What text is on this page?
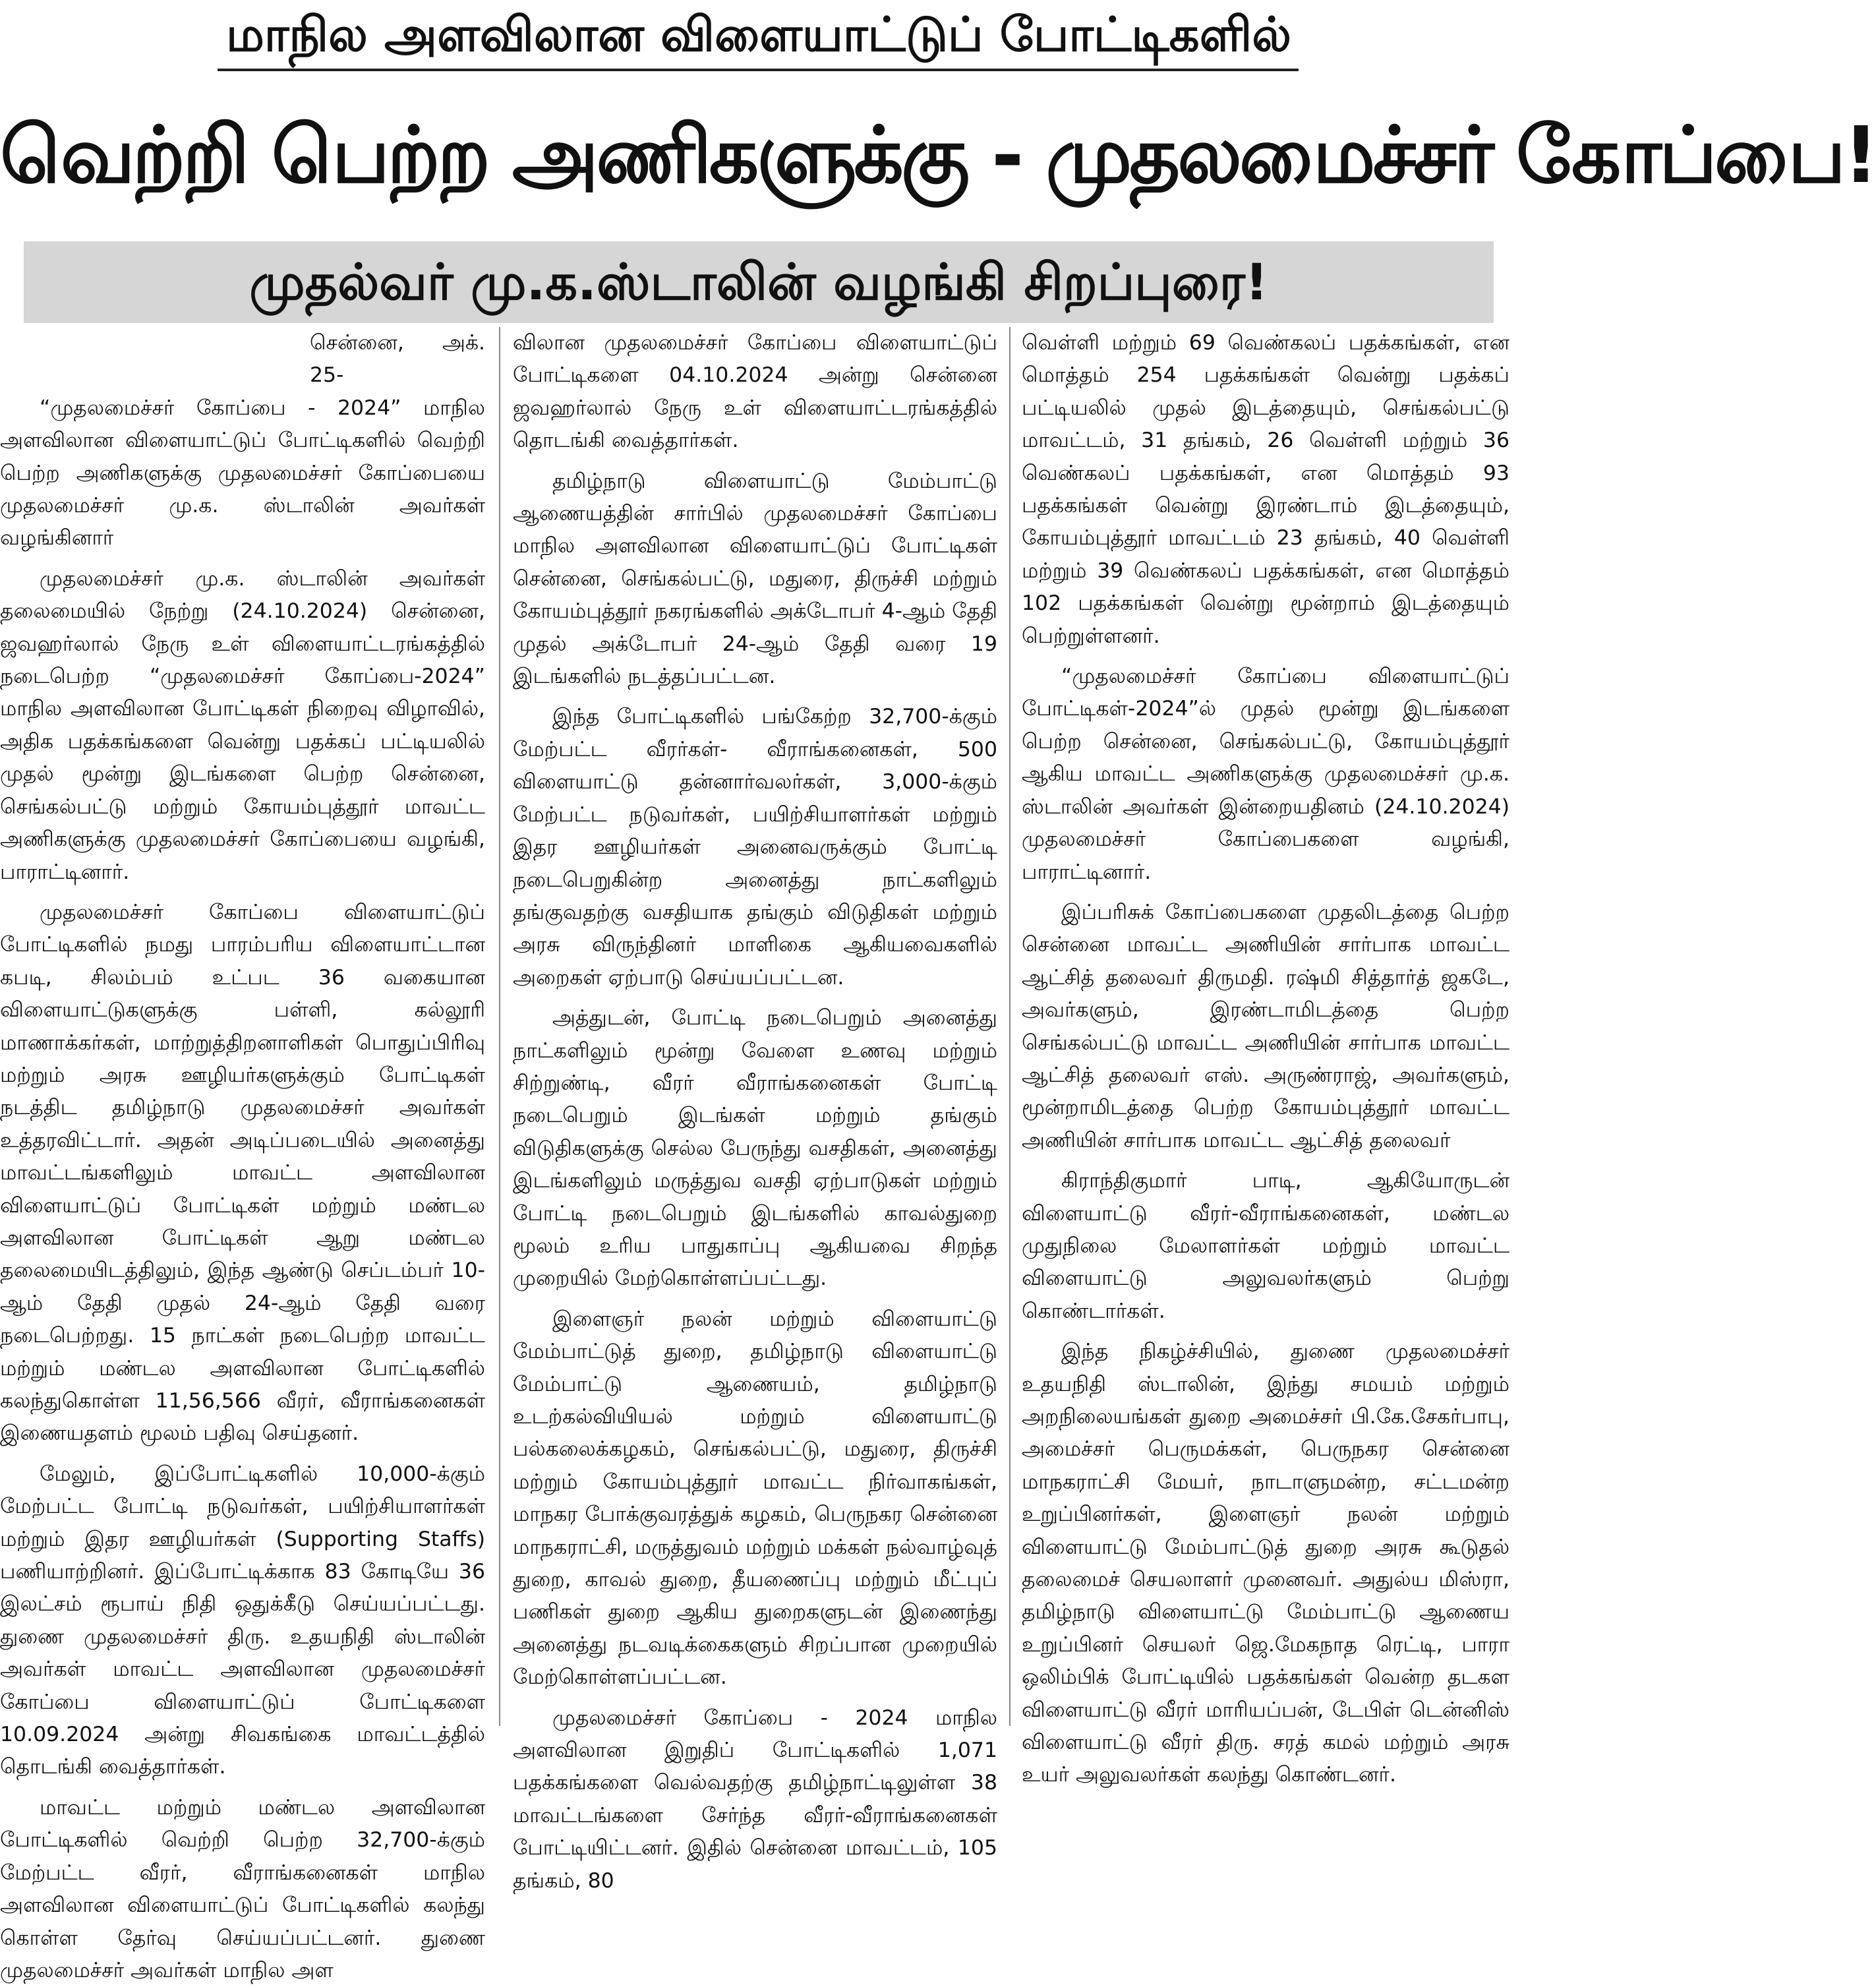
மாநில அளவிலான விளையாட்டுப் போட்டிகளில்
வெற்றி பெற்ற அணிகளுக்கு - முதலமைச்சர் கோப்பை!
முதல்வர் மு.க.ஸ்டாலின் வழங்கி சிறப்புரை!

சென்னை, அக். 25-

“முதலமைச்சர் கோப்பை - 2024” மாநில அளவிலான விளையாட்டுப் போட்டிகளில் வெற்றி பெற்ற அணிகளுக்கு முதலமைச்சர் கோப்பையை முதலமைச்சர் மு.க. ஸ்டாலின் அவர்கள் வழங்கினார்

முதலமைச்சர் மு.க. ஸ்டாலின் அவர்கள் தலைமையில் நேற்று (24.10.2024) சென்னை, ஜவஹர்லால் நேரு உள் விளையாட்டரங்கத்தில் நடைபெற்ற “முதலமைச்சர் கோப்பை-2024” மாநில அளவிலான போட்டிகள் நிறைவு விழாவில், அதிக பதக்கங்களை வென்று பதக்கப் பட்டியலில் முதல் மூன்று இடங்களை பெற்ற சென்னை, செங்கல்பட்டு மற்றும் கோயம்புத்தூர் மாவட்ட அணிகளுக்கு முதலமைச்சர் கோப்பையை வழங்கி, பாராட்டினார்.

முதலமைச்சர் கோப்பை விளையாட்டுப் போட்டிகளில் நமது பாரம்பரிய விளையாட்டான கபடி, சிலம்பம் உட்பட 36 வகையான விளையாட்டுகளுக்கு பள்ளி, கல்லூரி மாணாக்கர்கள், மாற்றுத்திறனாளிகள் பொதுப்பிரிவு மற்றும் அரசு ஊழியர்களுக்கும் போட்டிகள் நடத்திட தமிழ்நாடு முதலமைச்சர் அவர்கள் உத்தரவிட்டார். அதன் அடிப்படையில் அனைத்து மாவட்டங்களிலும் மாவட்ட அளவிலான விளையாட்டுப் போட்டிகள் மற்றும் மண்டல அளவிலான போட்டிகள் ஆறு மண்டல தலைமையிடத்திலும், இந்த ஆண்டு செப்டம்பர் 10-ஆம் தேதி முதல் 24-ஆம் தேதி வரை நடைபெற்றது. 15 நாட்கள் நடைபெற்ற மாவட்ட மற்றும் மண்டல அளவிலான போட்டிகளில் கலந்துகொள்ள 11,56,566 வீரர், வீராங்கனைகள் இணையதளம் மூலம் பதிவு செய்தனர்.

மேலும், இப்போட்டிகளில் 10,000-க்கும் மேற்பட்ட போட்டி நடுவர்கள், பயிற்சியாளர்கள் மற்றும் இதர ஊழியர்கள் (Supporting Staffs) பணியாற்றினர். இப்போட்டிக்காக 83 கோடியே 36 இலட்சம் ரூபாய் நிதி ஒதுக்கீடு செய்யப்பட்டது. துணை முதலமைச்சர் திரு. உதயநிதி ஸ்டாலின் அவர்கள் மாவட்ட அளவிலான முதலமைச்சர் கோப்பை விளையாட்டுப் போட்டிகளை 10.09.2024 அன்று சிவகங்கை மாவட்டத்தில் தொடங்கி வைத்தார்கள்.

மாவட்ட மற்றும் மண்டல அளவிலான போட்டிகளில் வெற்றி பெற்ற 32,700-க்கும் மேற்பட்ட வீரர், வீராங்கனைகள் மாநில அளவிலான விளையாட்டுப் போட்டிகளில் கலந்து கொள்ள தேர்வு செய்யப்பட்டனர். துணை முதலமைச்சர் அவர்கள் மாநில அள

விலான முதலமைச்சர் கோப்பை விளையாட்டுப் போட்டிகளை 04.10.2024 அன்று சென்னை ஜவஹர்லால் நேரு உள் விளையாட்டரங்கத்தில் தொடங்கி வைத்தார்கள்.

தமிழ்நாடு விளையாட்டு மேம்பாட்டு ஆணையத்தின் சார்பில் முதலமைச்சர் கோப்பை மாநில அளவிலான விளையாட்டுப் போட்டிகள் சென்னை, செங்கல்பட்டு, மதுரை, திருச்சி மற்றும் கோயம்புத்தூர் நகரங்களில் அக்டோபர் 4-ஆம் தேதி முதல் அக்டோபர் 24-ஆம் தேதி வரை 19 இடங்களில் நடத்தப்பட்டன.

இந்த போட்டிகளில் பங்கேற்ற 32,700-க்கும் மேற்பட்ட வீரர்கள்- வீராங்கனைகள், 500 விளையாட்டு தன்னார்வலர்கள், 3,000-க்கும் மேற்பட்ட நடுவர்கள், பயிற்சியாளர்கள் மற்றும் இதர ஊழியர்கள் அனைவருக்கும் போட்டி நடைபெறுகின்ற அனைத்து நாட்களிலும் தங்குவதற்கு வசதியாக தங்கும் விடுதிகள் மற்றும் அரசு விருந்தினர் மாளிகை ஆகியவைகளில் அறைகள் ஏற்பாடு செய்யப்பட்டன.

அத்துடன், போட்டி நடைபெறும் அனைத்து நாட்களிலும் மூன்று வேளை உணவு மற்றும் சிற்றுண்டி, வீரர் வீராங்கனைகள் போட்டி நடைபெறும் இடங்கள் மற்றும் தங்கும் விடுதிகளுக்கு செல்ல பேருந்து வசதிகள், அனைத்து இடங்களிலும் மருத்துவ வசதி ஏற்பாடுகள் மற்றும் போட்டி நடைபெறும் இடங்களில் காவல்துறை மூலம் உரிய பாதுகாப்பு ஆகியவை சிறந்த முறையில் மேற்கொள்ளப்பட்டது.

இளைஞர் நலன் மற்றும் விளையாட்டு மேம்பாட்டுத் துறை, தமிழ்நாடு விளையாட்டு மேம்பாட்டு ஆணையம், தமிழ்நாடு உடற்கல்வியியல் மற்றும் விளையாட்டு பல்கலைக்கழகம், செங்கல்பட்டு, மதுரை, திருச்சி மற்றும் கோயம்புத்தூர் மாவட்ட நிர்வாகங்கள், மாநகர போக்குவரத்துக் கழகம், பெருநகர சென்னை மாநகராட்சி, மருத்துவம் மற்றும் மக்கள் நல்வாழ்வுத் துறை, காவல் துறை, தீயணைப்பு மற்றும் மீட்புப் பணிகள் துறை ஆகிய துறைகளுடன் இணைந்து அனைத்து நடவடிக்கைகளும் சிறப்பான முறையில் மேற்கொள்ளப்பட்டன.

முதலமைச்சர் கோப்பை - 2024 மாநில அளவிலான இறுதிப் போட்டிகளில் 1,071 பதக்கங்களை வெல்வதற்கு தமிழ்நாட்டிலுள்ள 38 மாவட்டங்களை சேர்ந்த வீரர்-வீராங்கனைகள் போட்டியிட்டனர். இதில் சென்னை மாவட்டம், 105 தங்கம், 80

வெள்ளி மற்றும் 69 வெண்கலப் பதக்கங்கள், என மொத்தம் 254 பதக்கங்கள் வென்று பதக்கப் பட்டியலில் முதல் இடத்தையும், செங்கல்பட்டு மாவட்டம், 31 தங்கம், 26 வெள்ளி மற்றும் 36 வெண்கலப் பதக்கங்கள், என மொத்தம் 93 பதக்கங்கள் வென்று இரண்டாம் இடத்தையும், கோயம்புத்தூர் மாவட்டம் 23 தங்கம், 40 வெள்ளி மற்றும் 39 வெண்கலப் பதக்கங்கள், என மொத்தம் 102 பதக்கங்கள் வென்று மூன்றாம் இடத்தையும் பெற்றுள்ளனர்.

“முதலமைச்சர் கோப்பை விளையாட்டுப் போட்டிகள்-2024”ல் முதல் மூன்று இடங்களை பெற்ற சென்னை, செங்கல்பட்டு, கோயம்புத்தூர் ஆகிய மாவட்ட அணிகளுக்கு முதலமைச்சர் மு.க. ஸ்டாலின் அவர்கள் இன்றையதினம் (24.10.2024) முதலமைச்சர் கோப்பைகளை வழங்கி, பாராட்டினார்.

இப்பரிசுக் கோப்பைகளை முதலிடத்தை பெற்ற சென்னை மாவட்ட அணியின் சார்பாக மாவட்ட ஆட்சித் தலைவர் திருமதி. ரஷ்மி சித்தார்த் ஜகடே, அவர்களும், இரண்டாமிடத்தை பெற்ற செங்கல்பட்டு மாவட்ட அணியின் சார்பாக மாவட்ட ஆட்சித் தலைவர் எஸ். அருண்ராஜ், அவர்களும், மூன்றாமிடத்தை பெற்ற கோயம்புத்தூர் மாவட்ட அணியின் சார்பாக மாவட்ட ஆட்சித் தலைவர்

கிராந்திகுமார் பாடி, ஆகியோருடன் விளையாட்டு வீரர்-வீராங்கனைகள், மண்டல முதுநிலை மேலாளர்கள் மற்றும் மாவட்ட விளையாட்டு அலுவலர்களும் பெற்று கொண்டார்கள்.

இந்த நிகழ்ச்சியில், துணை முதலமைச்சர் உதயநிதி ஸ்டாலின், இந்து சமயம் மற்றும் அறநிலையங்கள் துறை அமைச்சர் பி.கே.சேகர்பாபு, அமைச்சர் பெருமக்கள், பெருநகர சென்னை மாநகராட்சி மேயர், நாடாளுமன்ற, சட்டமன்ற உறுப்பினர்கள், இளைஞர் நலன் மற்றும் விளையாட்டு மேம்பாட்டுத் துறை அரசு கூடுதல் தலைமைச் செயலாளர் முனைவர். அதுல்ய மிஸ்ரா, தமிழ்நாடு விளையாட்டு மேம்பாட்டு ஆணைய உறுப்பினர் செயலர் ஜெ.மேகநாத ரெட்டி, பாரா ஒலிம்பிக் போட்டியில் பதக்கங்கள் வென்ற தடகள விளையாட்டு வீரர் மாரியப்பன், டேபிள் டென்னிஸ் விளையாட்டு வீரர் திரு. சரத் கமல் மற்றும் அரசு உயர் அலுவலர்கள் கலந்து கொண்டனர்.
